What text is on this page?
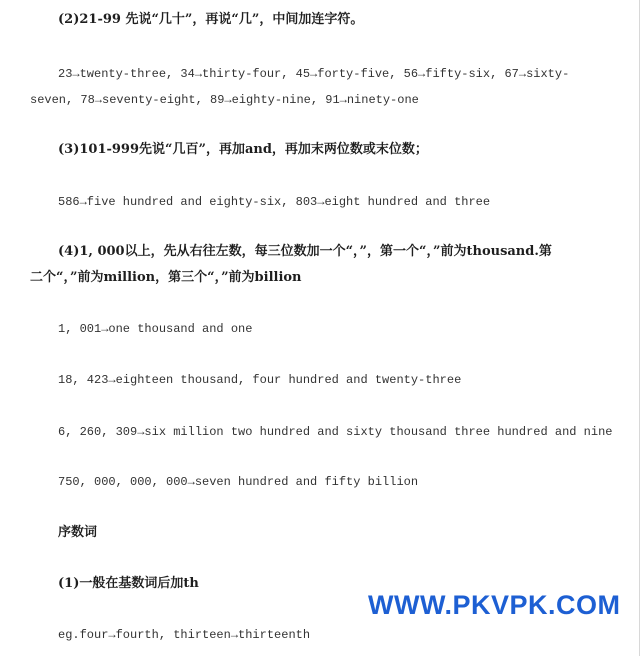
(2)21-99 先说“几十”，再说“几”，中间加连字符。
23→twenty-three, 34→thirty-four, 45→forty-five, 56→fifty-six, 67→sixty-
seven, 78→seventy-eight, 89→eighty-nine, 91→ninety-one
(3)101-999先说“几百”，再加and，再加末两位数或末位数；
586→five hundred and eighty-six, 803→eight hundred and three
(4)1, 000以上，先从右往左数，每三位数加一个“，”，第一个“，”前为thousand.第
二个“，”前为million，第三个“，”前为billion
1, 001→one thousand and one
18, 423→eighteen thousand, four hundred and twenty-three
6, 260, 309→six million two hundred and sixty thousand three hundred and nine
750, 000, 000, 000→seven hundred and fifty billion
序数词
(1)一般在基数词后加th
eg.four→fourth, thirteen→thirteenth
WWW.PKVPK.COM
